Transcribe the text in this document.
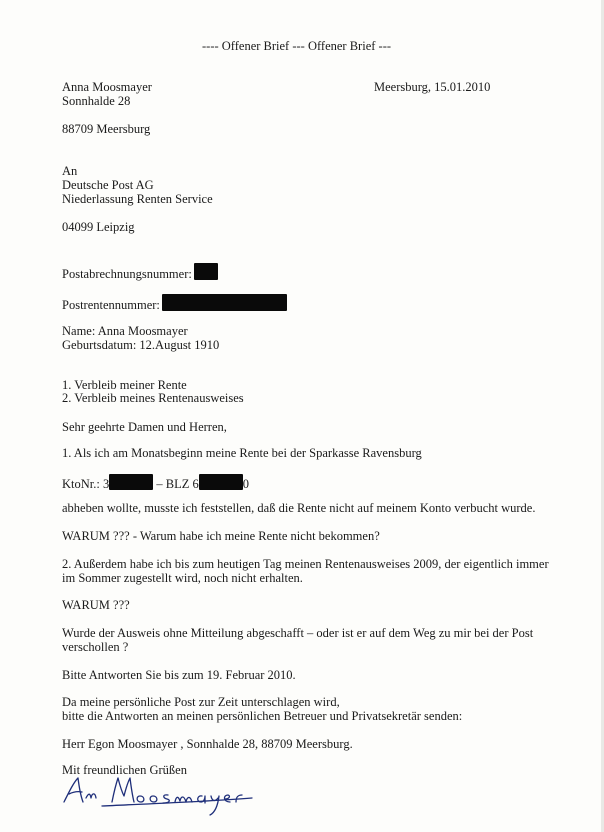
---- Offener Brief --- Offener Brief ---
Anna Moosmayer
Sonnhalde 28
88709 Meersburg
Meersburg, 15.01.2010
An
Deutsche Post AG
Niederlassung Renten Service
04099 Leipzig
Postabrechnungsnummer:
Postrentennummer:
Name: Anna Moosmayer
Geburtsdatum: 12.August 1910
1. Verbleib meiner Rente
2. Verbleib meines Rentenausweises
Sehr geehrte Damen und Herren,
1. Als ich am Monatsbeginn meine Rente bei der Sparkasse Ravensburg
KtoNr.: 3	– BLZ 6	0
abheben wollte, musste ich feststellen, daß die Rente nicht auf meinem Konto verbucht wurde.
WARUM ??? - Warum habe ich meine Rente nicht bekommen?
2. Außerdem habe ich bis zum heutigen Tag meinen Rentenausweises 2009, der eigentlich immer
im Sommer zugestellt wird, noch nicht erhalten.
WARUM ???
Wurde der Ausweis ohne Mitteilung abgeschafft – oder ist er auf dem Weg zu mir bei der Post
verschollen ?
Bitte Antworten Sie bis zum 19. Februar 2010.
Da meine persönliche Post zur Zeit unterschlagen wird,
bitte die Antworten an meinen persönlichen Betreuer und Privatsekretär senden:
Herr Egon Moosmayer , Sonnhalde 28, 88709 Meersburg.
Mit freundlichen Grüßen
